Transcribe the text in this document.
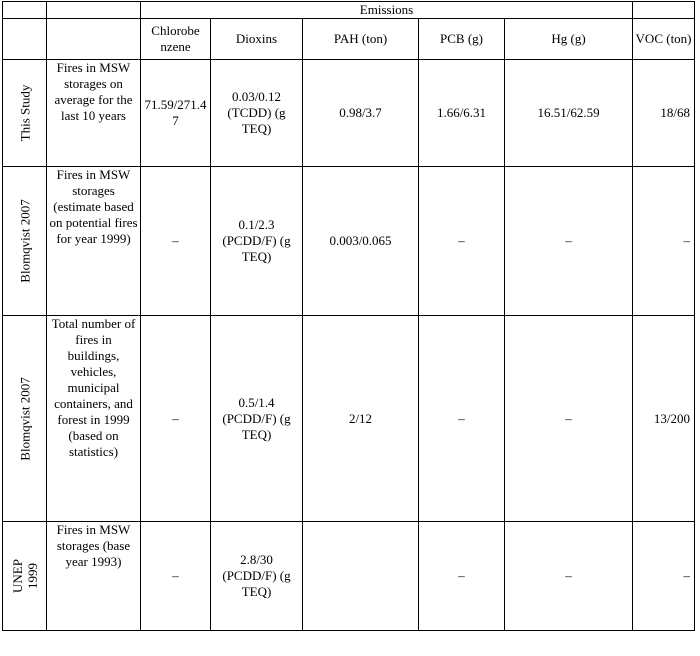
		Emissions					
		Chlorobe nzene	Dioxins	PAH (ton)	PCB (g)	Hg (g)	VOC (ton)

This Study	Fires in MSW storages on average for the last 10 years	71.59/271.47	0.03/0.12 (TCDD) (g TEQ)	0.98/3.7	1.66/6.31	16.51/62.59	18/68

Blomqvist 2007	Fires in MSW storages (estimate based on potential fires for year 1999)	–	0.1/2.3 (PCDD/F) (g TEQ)	0.003/0.065	–	–	–

Blomqvist 2007	Total number of fires in buildings, vehicles, municipal containers, and forest in 1999 (based on statistics)	–	0.5/1.4 (PCDD/F) (g TEQ)	2/12	–	–	13/200

UNEP 1999	Fires in MSW storages (base year 1993)	–	2.8/30 (PCDD/F) (g TEQ)		–	–	–
